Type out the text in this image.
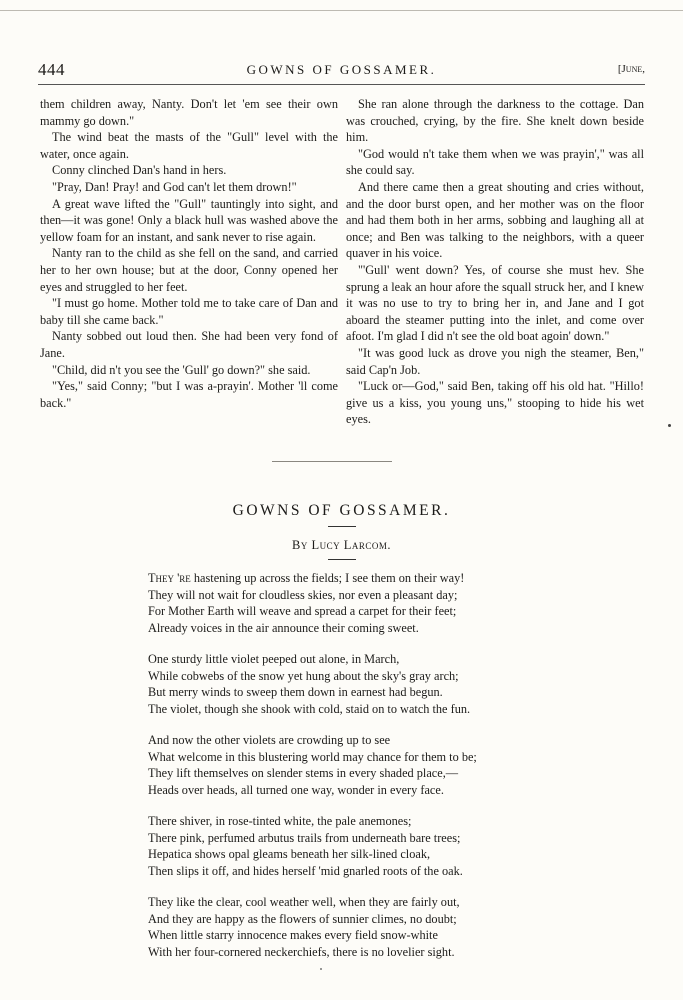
444	GOWNS OF GOSSAMER.	[June,

them children away, Nanty. Don't let 'em see their own mammy go down."

The wind beat the masts of the "Gull" level with the water, once again.

Conny clinched Dan's hand in hers.

"Pray, Dan! Pray! and God can't let them drown!"

A great wave lifted the "Gull" tauntingly into sight, and then—it was gone! Only a black hull was washed above the yellow foam for an instant, and sank never to rise again.

Nanty ran to the child as she fell on the sand, and carried her to her own house; but at the door, Conny opened her eyes and struggled to her feet.

"I must go home. Mother told me to take care of Dan and baby till she came back."

Nanty sobbed out loud then. She had been very fond of Jane.

"Child, did n't you see the 'Gull' go down?" she said.

"Yes," said Conny; "but I was a-prayin'. Mother 'll come back."

She ran alone through the darkness to the cottage. Dan was crouched, crying, by the fire. She knelt down beside him.

"God would n't take them when we was prayin'," was all she could say.

And there came then a great shouting and cries without, and the door burst open, and her mother was on the floor and had them both in her arms, sobbing and laughing all at once; and Ben was talking to the neighbors, with a queer quaver in his voice.

"'Gull' went down? Yes, of course she must hev. She sprung a leak an hour afore the squall struck her, and I knew it was no use to try to bring her in, and Jane and I got aboard the steamer putting into the inlet, and come over afoot. I'm glad I did n't see the old boat agoin' down."

"It was good luck as drove you nigh the steamer, Ben," said Cap'n Job.

"Luck or—God," said Ben, taking off his old hat. "Hillo! give us a kiss, you young uns," stooping to hide his wet eyes.

GOWNS OF GOSSAMER.
By Lucy Larcom.
They 're hastening up across the fields; I see them on their way!
They will not wait for cloudless skies, nor even a pleasant day;
For Mother Earth will weave and spread a carpet for their feet;
Already voices in the air announce their coming sweet.
One sturdy little violet peeped out alone, in March,
While cobwebs of the snow yet hung about the sky's gray arch;
But merry winds to sweep them down in earnest had begun.
The violet, though she shook with cold, staid on to watch the fun.
And now the other violets are crowding up to see
What welcome in this blustering world may chance for them to be;
They lift themselves on slender stems in every shaded place,—
Heads over heads, all turned one way, wonder in every face.
There shiver, in rose-tinted white, the pale anemones;
There pink, perfumed arbutus trails from underneath bare trees;
Hepatica shows opal gleams beneath her silk-lined cloak,
Then slips it off, and hides herself 'mid gnarled roots of the oak.
They like the clear, cool weather well, when they are fairly out,
And they are happy as the flowers of sunnier climes, no doubt;
When little starry innocence makes every field snow-white
With her four-cornered neckerchiefs, there is no lovelier sight.
